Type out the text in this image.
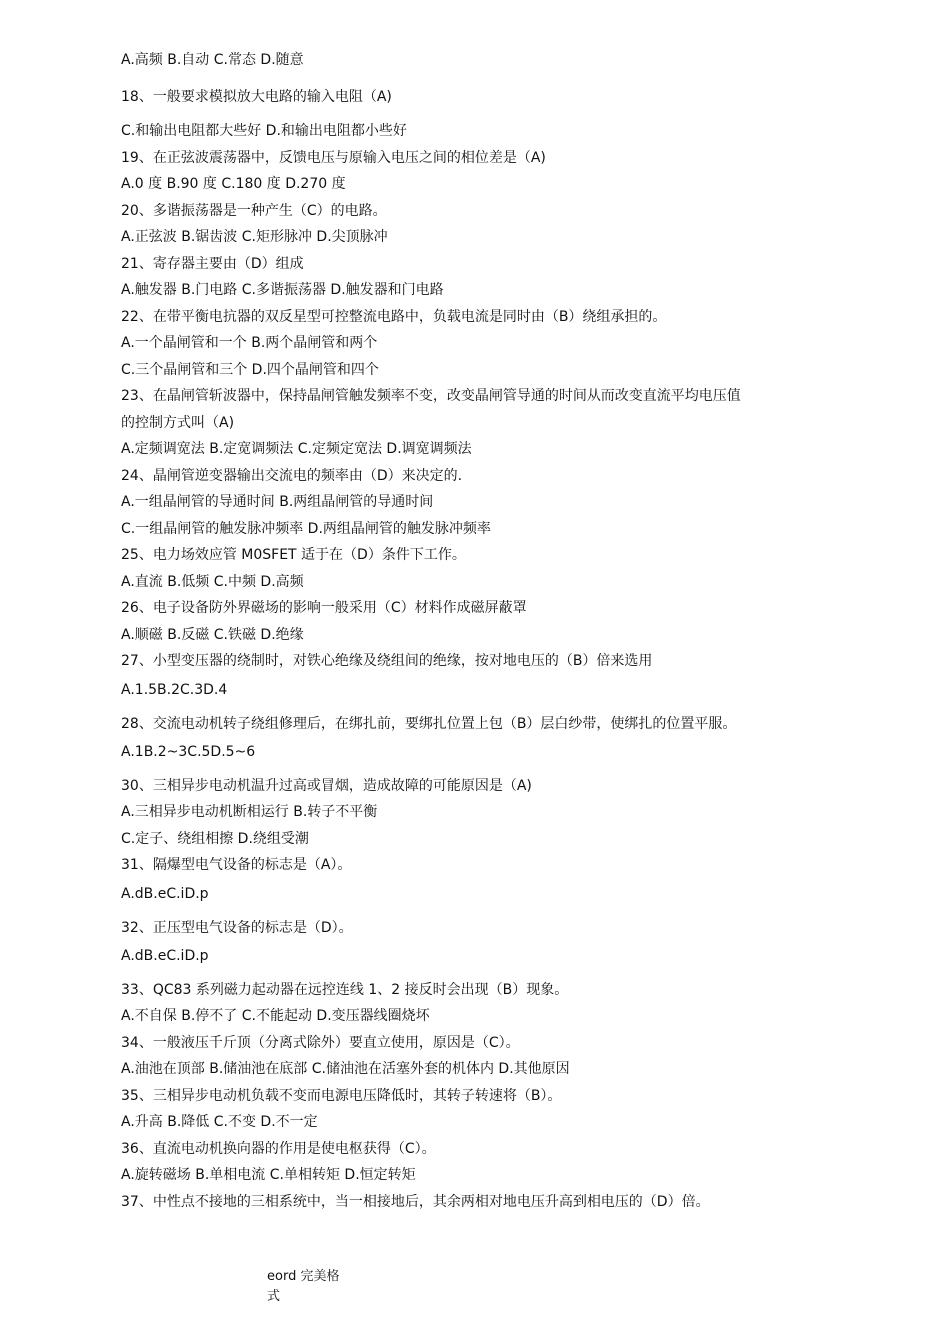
A.高频 B.自动 C.常态 D.随意
18、一般要求模拟放大电路的输入电阻（A)
C.和输出电阻都大些好 D.和输出电阻都小些好
19、在正弦波震荡器中，反馈电压与原输入电压之间的相位差是（A)
A.0 度 B.90 度 C.180 度 D.270 度
20、多谐振荡器是一种产生（C）的电路。
A.正弦波 B.锯齿波 C.矩形脉冲 D.尖顶脉冲
21、寄存器主要由（D）组成
A.触发器 B.门电路 C.多谐振荡器 D.触发器和门电路
22、在带平衡电抗器的双反星型可控整流电路中，负载电流是同时由（B）绕组承担的。
A.一个晶闸管和一个 B.两个晶闸管和两个
C.三个晶闸管和三个 D.四个晶闸管和四个
23、在晶闸管斩波器中，保持晶闸管触发频率不变，改变晶闸管导通的时间从而改变直流平均电压值
的控制方式叫（A)
A.定频调宽法 B.定宽调频法 C.定频定宽法 D.调宽调频法
24、晶闸管逆变器输出交流电的频率由（D）来决定的.
A.一组晶闸管的导通时间 B.两组晶闸管的导通时间
C.一组晶闸管的触发脉冲频率 D.两组晶闸管的触发脉冲频率
25、电力场效应管 M0SFET 适于在（D）条件下工作。
A.直流 B.低频 C.中频 D.高频
26、电子设备防外界磁场的影响一般采用（C）材料作成磁屏蔽罩
A.顺磁 B.反磁 C.铁磁 D.绝缘
27、小型变压器的绕制时，对铁心绝缘及绕组间的绝缘，按对地电压的（B）倍来选用
A.1.5B.2C.3D.4
28、交流电动机转子绕组修理后，在绑扎前，要绑扎位置上包（B）层白纱带，使绑扎的位置平服。
A.1B.2~3C.5D.5~6
30、三相异步电动机温升过高或冒烟，造成故障的可能原因是（A)
A.三相异步电动机断相运行 B.转子不平衡
C.定子、绕组相擦 D.绕组受潮
31、隔爆型电气设备的标志是（A）。
A.dB.eC.iD.p
32、正压型电气设备的标志是（D）。
A.dB.eC.iD.p
33、QC83 系列磁力起动器在远控连线 1、2 接反时会出现（B）现象。
A.不自保 B.停不了 C.不能起动 D.变压器线圈烧坏
34、一般液压千斤顶（分离式除外）要直立使用，原因是（C）。
A.油池在顶部 B.储油池在底部 C.储油池在活塞外套的机体内 D.其他原因
35、三相异步电动机负载不变而电源电压降低时，其转子转速将（B）。
A.升高 B.降低 C.不变 D.不一定
36、直流电动机换向器的作用是使电枢获得（C）。
A.旋转磁场 B.单相电流 C.单相转矩 D.恒定转矩
37、中性点不接地的三相系统中，当一相接地后，其余两相对地电压升高到相电压的（D）倍。
eord 完美格
式
